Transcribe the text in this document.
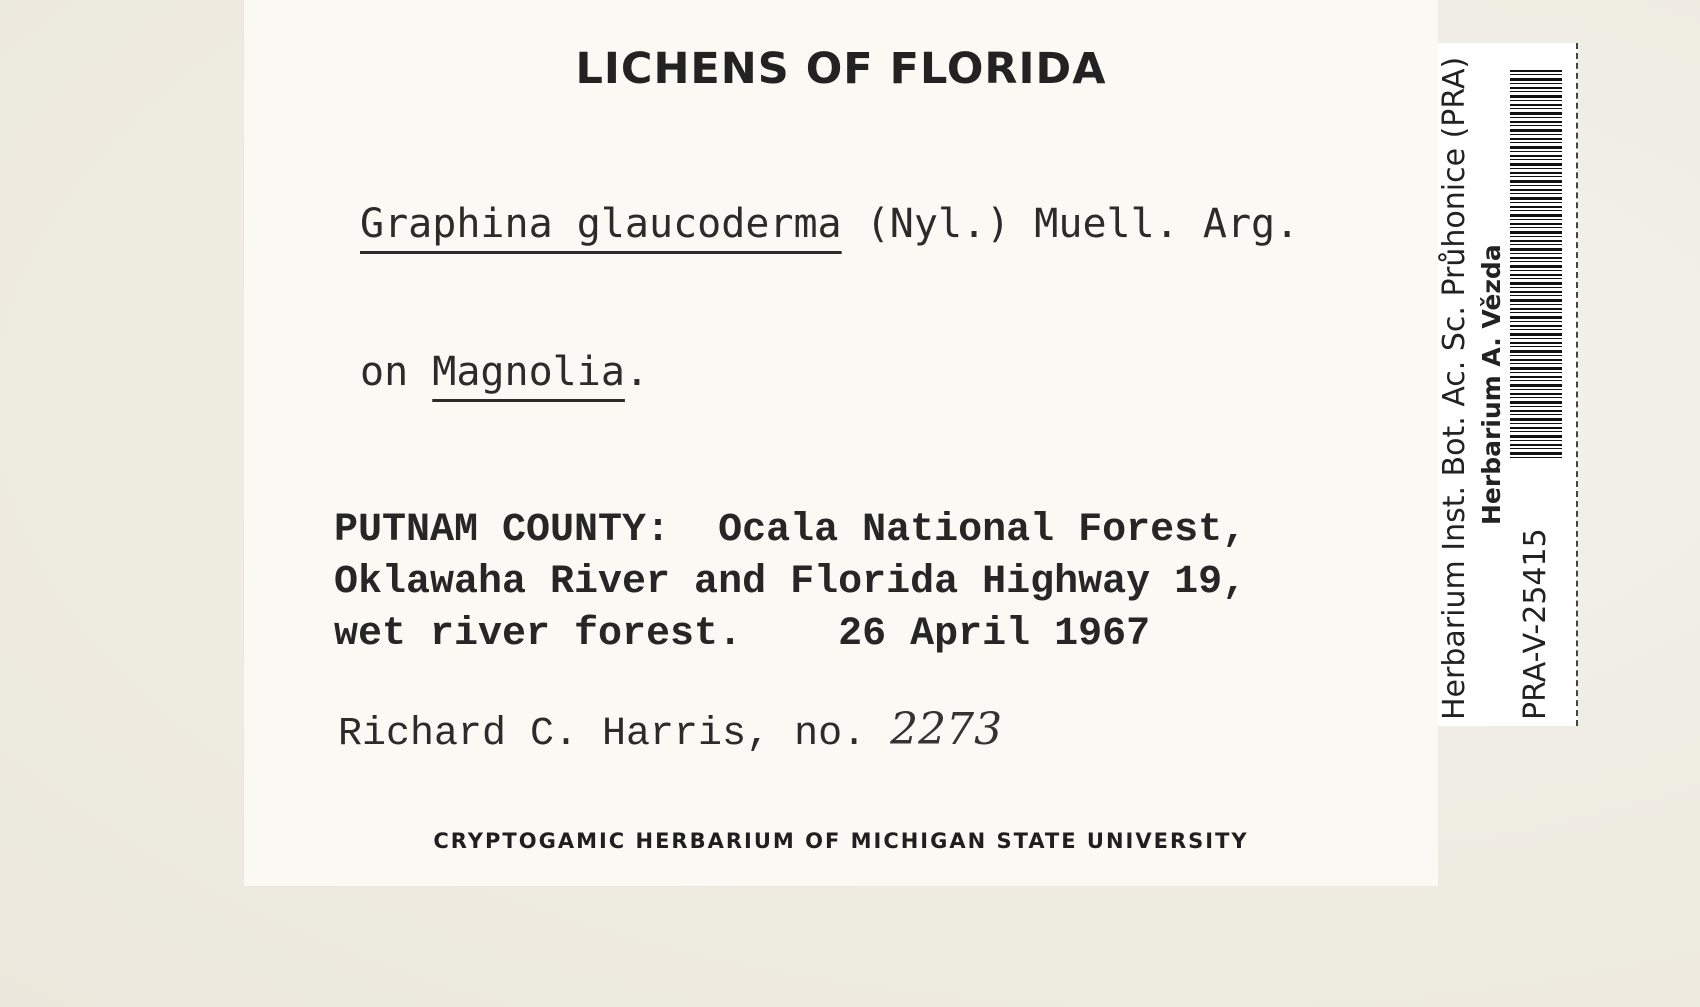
LICHENS OF FLORIDA
Graphina glaucoderma (Nyl.) Muell. Arg.
on Magnolia.
PUTNAM COUNTY:  Ocala National Forest,
Oklawaha River and Florida Highway 19,
wet river forest.    26 April 1967
Richard C. Harris, no. 2273
CRYPTOGAMIC HERBARIUM OF MICHIGAN STATE UNIVERSITY
Herbarium Inst. Bot. Ac. Sc. Průhonice (PRA) Herbarium A. Vězda
PRA-V-25415
